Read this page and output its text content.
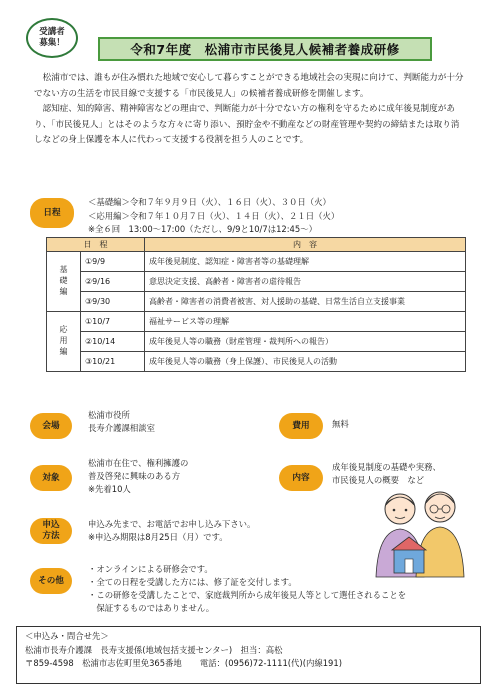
受講者
募集！	令和7年度　松浦市市民後見人候補者養成研修

松浦市では、誰もが住み慣れた地域で安心して暮らすことができる地域社会の実現に向けて、判断能力が十分でない方の生活を市民目線で支援する「市民後見人」の候補者養成研修を開催します。

認知症、知的障害、精神障害などの理由で、判断能力が十分でない方の権利を守るために成年後見制度があり、「市民後見人」とはそのような方々に寄り添い、預貯金や不動産などの財産管理や契約の締結または取り消しなどの身上保護を本人に代わって支援する役割を担う人のことです。

日程
＜基礎編＞令和７年９月９日（火）、１６日（火）、３０日（火）
＜応用編＞令和７年１０月７日（火）、１４日（火）、２１日（火）
※全６回　13:00～17:00（ただし、9/9と10/7は12:45～）
日　程		内　容
基礎編	①9/9	成年後見制度、認知症・障害者等の基礎理解
	②9/16	意思決定支援、高齢者・障害者の虐待報告
	③9/30	高齢者・障害者の消費者被害、対人援助の基礎、日常生活自立支援事業
応用編	①10/7	福祉サービス等の理解
	②10/14	成年後見人等の職務（財産管理・裁判所への報告）
	③10/21	成年後見人等の職務（身上保護）、市民後見人の活動
会場
松浦市役所
長寿介護課相談室	費用	無料
対象
松浦市在住で、権利擁護の
普及啓発に興味のある方
※先着10人
内容
成年後見制度の基礎や実務、
市民後見人の概要　など
申込
方法
申込み先まで、お電話でお申し込み下さい。
※申込み期限は8月25日（月）です。
その他
・オンラインによる研修会です。
・全ての日程を受講した方には、修了証を交付します。
・この研修を受講したことで、家庭裁判所から成年後見人等として選任されることを
　保証するものではありません。
＜申込み・問合せ先＞
松浦市長寿介護課　長寿支援係(地域包括支援センター)　担当：高松
〒859-4598　松浦市志佐町里免365番地 電話：(0956)72-1111(代)(内線191)
